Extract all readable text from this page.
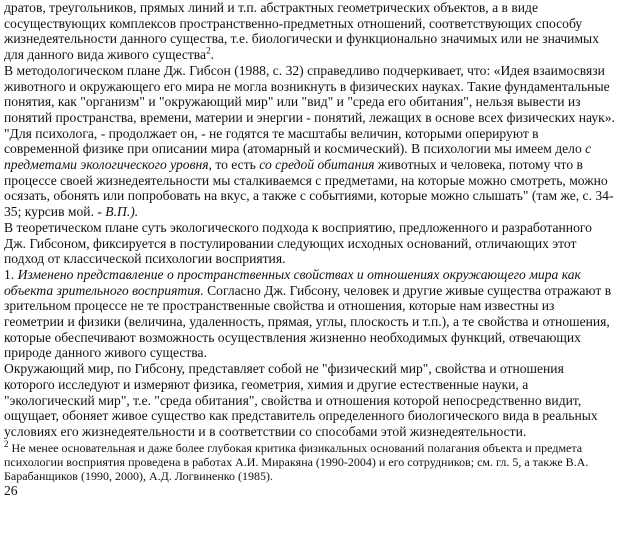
дратов, треугольников, прямых линий и т.п. абстрактных геометрических объектов, а в виде сосуществующих комплексов пространственно-предметных отношений, соответствующих способу жизнедеятельности данного существа, т.е. биологически и функционально значимых или не значимых для данного вида живого существа$^2$.

В методологическом плане Дж. Гибсон (1988, с. 32) справедливо подчеркивает, что: «Идея взаимосвязи животного и окружающего его мира не могла возникнуть в физических науках. Такие фундаментальные понятия, как "организм" и "окружающий мир" или "вид" и "среда его обитания", нельзя вывести из понятий пространства, времени, материи и энергии - понятий, лежащих в основе всех физических наук». "Для психолога, - продолжает он, - не годятся те масштабы величин, которыми оперируют в современной физике при описании мира (атомарный и космический). В психологии мы имеем дело с предметами экологического уровня, то есть со средой обитания животных и человека, потому что в процессе своей жизнедеятельности мы сталкиваемся с предметами, на которые можно смотреть, можно осязать, обонять или попробовать на вкус, а также с событиями, которые можно слышать" (там же, с. 34-35; курсив мой. - В.П.).

В теоретическом плане суть экологического подхода к восприятию, предложенного и разработанного Дж. Гибсоном, фиксируется в постулировании следующих исходных оснований, отличающих этот подход от классической психологии восприятия.

1. Изменено представление о пространственных свойствах и отношениях окружающего мира как объекта зрительного восприятия. Согласно Дж. Гибсону, человек и другие живые существа отражают в зрительном процессе не те пространственные свойства и отношения, которые нам известны из геометрии и физики (величина, удаленность, прямая, углы, плоскость и т.п.), а те свойства и отношения, которые обеспечивают возможность осуществления жизненно необходимых функций, отвечающих природе данного живого существа.

Окружающий мир, по Гибсону, представляет собой не "физический мир", свойства и отношения которого исследуют и измеряют физика, геометрия, химия и другие естественные науки, а "экологический мир", т.е. "среда обитания", свойства и отношения которой непосредственно видит, ощущает, обоняет живое существо как представитель определенного биологического вида в реальных условиях его жизнедеятельности и в соответствии со способами этой жизнедеятельности.

$^2$ Не менее основательная и даже более глубокая критика физикальных оснований полагания объекта и предмета психологии восприятия проведена в работах А.И. Миракяна (1990-2004) и его сотрудников; см. гл. 5, а также В.А. Барабанщиков (1990, 2000), А.Д. Логвиненко (1985).
26
